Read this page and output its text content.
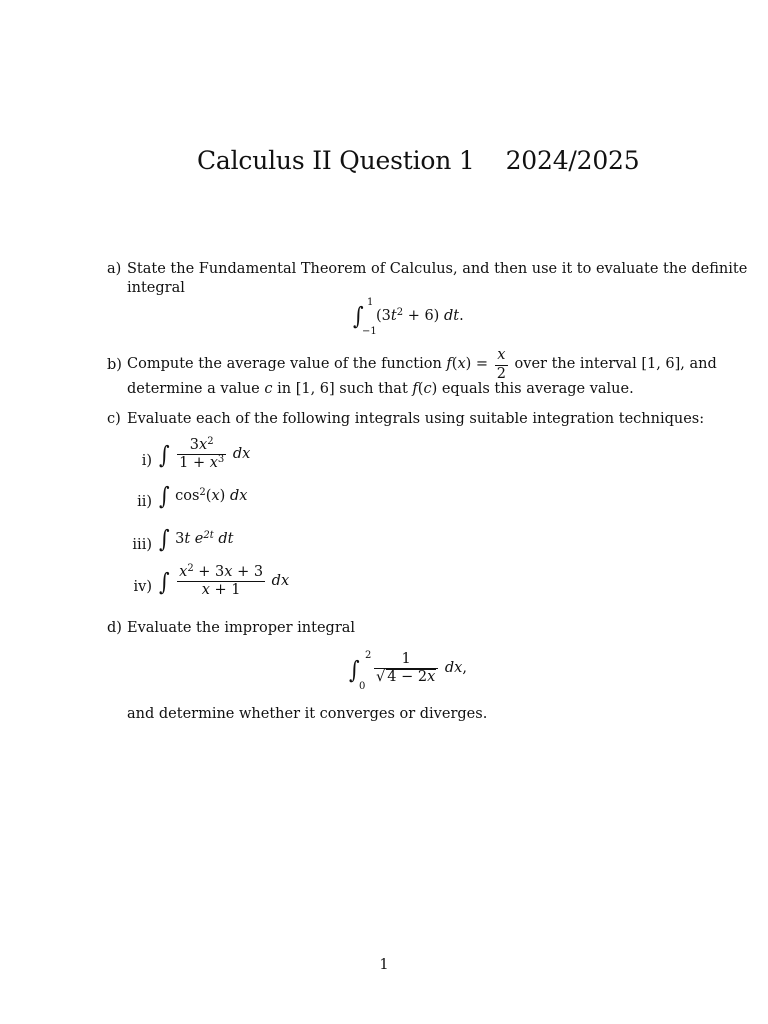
Calculus II Question 1 2024/2025
a) State the Fundamental Theorem of Calculus, and then use it to evaluate the definite
integral
∫ 1
−1
$(3t^2 + 6)$ dt.
b) Compute the average value of the function $f(x) = \frac{x}{2}$ over the interval [1, 6], and
determine a value c in [1, 6] such that f(c) equals this average value.
c) Evaluate each of the following integrals using suitable integration techniques:
i) ∫ $\frac{3x^2}{1 + x^3}$ dx
ii) ∫ $\cos^2(x)$ dx
iii) ∫ 3t $e^{2t}$ dt
iv) ∫ $\frac{x^2 + 3x + 3}{x + 1}$ dx
d) Evaluate the improper integral
∫
2
0
$\frac{1}{√ 4 - 2x}$ dx,
and determine whether it converges or diverges.
1
